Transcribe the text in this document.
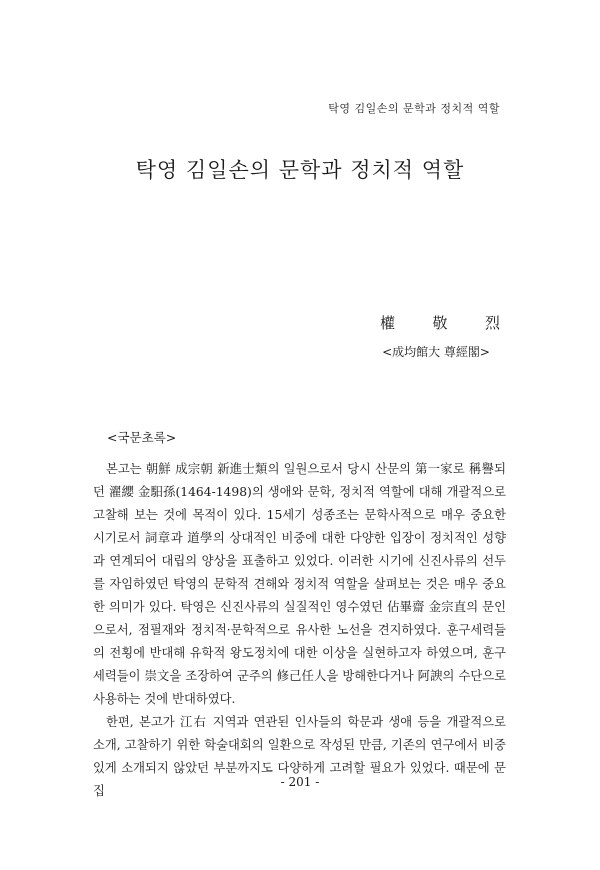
탁영 김일손의 문학과 정치적 역할
탁영 김일손의 문학과 정치적 역할
權 敬 烈
<成均館大 尊經閣>
<국문초록>

본고는 朝鮮 成宗朝 新進士類의 일원으로서 당시 산문의 第一家로 稱譽되던 濯纓 金馹孫(1464-1498)의 생애와 문학, 정치적 역할에 대해 개괄적으로 고찰해 보는 것에 목적이 있다. 15세기 성종조는 문학사적으로 매우 중요한 시기로서 詞章과 道學의 상대적인 비중에 대한 다양한 입장이 정치적인 성향과 연계되어 대립의 양상을 표출하고 있었다. 이러한 시기에 신진사류의 선두를 자임하였던 탁영의 문학적 견해와 정치적 역할을 살펴보는 것은 매우 중요한 의미가 있다. 탁영은 신진사류의 실질적인 영수였던 佔畢齋 金宗直의 문인으로서, 점필재와 정치적·문학적으로 유사한 노선을 견지하였다. 훈구세력들의 전횡에 반대해 유학적 왕도정치에 대한 이상을 실현하고자 하였으며, 훈구세력들이 崇文을 조장하여 군주의 修己任人을 방해한다거나 阿諛의 수단으로 사용하는 것에 반대하였다.

한편, 본고가 江右 지역과 연관된 인사들의 학문과 생애 등을 개괄적으로 소개, 고찰하기 위한 학술대회의 일환으로 작성된 만큼, 기존의 연구에서 비중 있게 소개되지 않았던 부분까지도 다양하게 고려할 필요가 있었다. 때문에 문집

- 201 -
